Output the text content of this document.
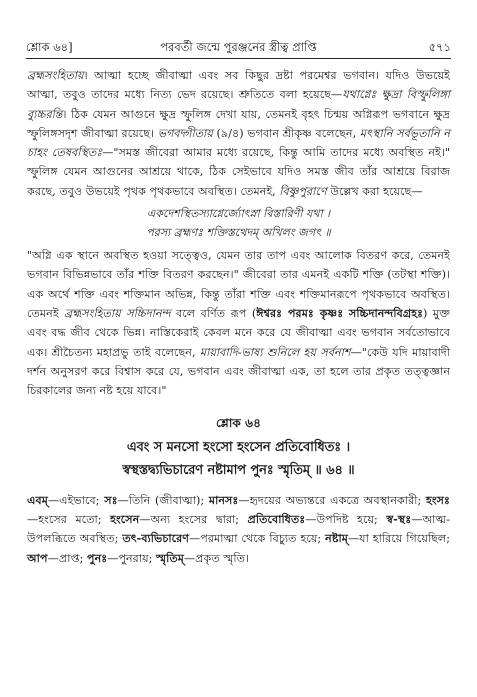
শ্লোক ৬৪]	পরবর্তী জন্মে পুরঞ্জনের স্ত্রীত্ব প্রাপ্তি	৫৭১

ব্রহ্মসংহিতায়। আত্মা হচ্ছে জীবাত্মা এবং সব কিছুর দ্রষ্টা পরমেশ্বর ভগবান। যদিও উভয়েই আত্মা, তবুও তাদের মধ্যে নিত্য ভেদ রয়েছে। শ্রুতিতে বলা হয়েছে—যথাগ্নেঃ ক্ষুদ্রা বিস্ফুলিঙ্গা ব্যুচ্চরন্তি। ঠিক যেমন আগুনে ক্ষুদ্র স্ফুলিঙ্গ দেখা যায়, তেমনই বৃহৎ চিন্ময় অগ্নিরূপ ভগবানে ক্ষুদ্র স্ফুলিঙ্গসদৃশ জীবাত্মা রয়েছে। ভগবদ্গীতায় (৯/৪) ভগবান শ্রীকৃষ্ণ বলেছেন, মৎস্থানি সর্বভূতানি ন চাহং তেষবস্থিতঃ—"সমস্ত জীবেরা আমার মধ্যে রয়েছে, কিন্তু আমি তাদের মধ্যে অবস্থিত নই।" স্ফুলিঙ্গ যেমন আগুনের আশ্রয়ে থাকে, ঠিক সেইভাবে যদিও সমস্ত জীব তাঁর আশ্রয়ে বিরাজ করছে, তবুও উভয়েই পৃথক পৃথকভাবে অবস্থিত। তেমনই, বিষ্ণুপুরাণে উল্লেখ করা হয়েছে—

একদেশস্থিতস্যাগ্নের্জ্যোৎস্না বিস্তারিণী যথা ।
পরস্য ব্রহ্মণঃ শক্তিস্তথেদম্ অখিলং জগৎ ॥

"অগ্নি এক স্থানে অবস্থিত হওয়া সত্ত্বেও, যেমন তার তাপ এবং আলোক বিতরণ করে, তেমনই ভগবান বিভিন্নভাবে তাঁর শক্তি বিতরণ করছেন।" জীবেরা তার এমনই একটি শক্তি (তটস্থা শক্তি)। এক অর্থে শক্তি এবং শক্তিমান অভিন্ন, কিন্তু তাঁরা শক্তি এবং শক্তিমানরূপে পৃথকভাবে অবস্থিত। তেমনই ব্রহ্মসংহিতায় সচ্চিদানন্দ বলে বর্ণিত রূপ (ঈশ্বরঃ পরমঃ কৃষ্ণঃ সচ্চিদানন্দবিগ্রহঃ) মুক্ত এবং বদ্ধ জীব থেকে ভিন্ন। নাস্তিকেরাই কেবল মনে করে যে জীবাত্মা এবং ভগবান সর্বতোভাবে এক। শ্রীচৈতন্য মহাপ্রভু তাই বলেছেন, মায়াবাদি-ভাষ্য শুনিলে হয় সর্বনাশ—"কেউ যদি মায়াবাদী দর্শন অনুসরণ করে বিশ্বাস করে যে, ভগবান এবং জীবাত্মা এক, তা হলে তার প্রকৃত তত্ত্বজ্ঞান চিরকালের জন্য নষ্ট হয়ে যাবে।"

শ্লোক ৬৪
এবং স মনসো হংসো হংসেন প্রতিবোধিতঃ ।
স্বস্থস্তদ্ব্যভিচারেণ নষ্টামাপ পুনঃ স্মৃতিম্ ॥ ৬৪ ॥

এবম্—এইভাবে; সঃ—তিনি (জীবাত্মা); মানসঃ—হৃদয়ের অভ্যন্তরে একত্রে অবস্থানকারী; হংসঃ—হংসের মতো; হংসেন—অন্য হংসের দ্বারা; প্রতিবোধিতঃ—উপদিষ্ট হয়ে; স্ব-স্থঃ—আত্ম-উপলব্ধিতে অবস্থিত; তৎ-ব্যভিচারেণ—পরমাত্মা থেকে বিচ্যুত হয়ে; নষ্টাম্—যা হারিয়ে গিয়েছিল; আপ—প্রাপ্ত; পুনঃ—পুনরায়; স্মৃতিম্—প্রকৃত স্মৃতি।
